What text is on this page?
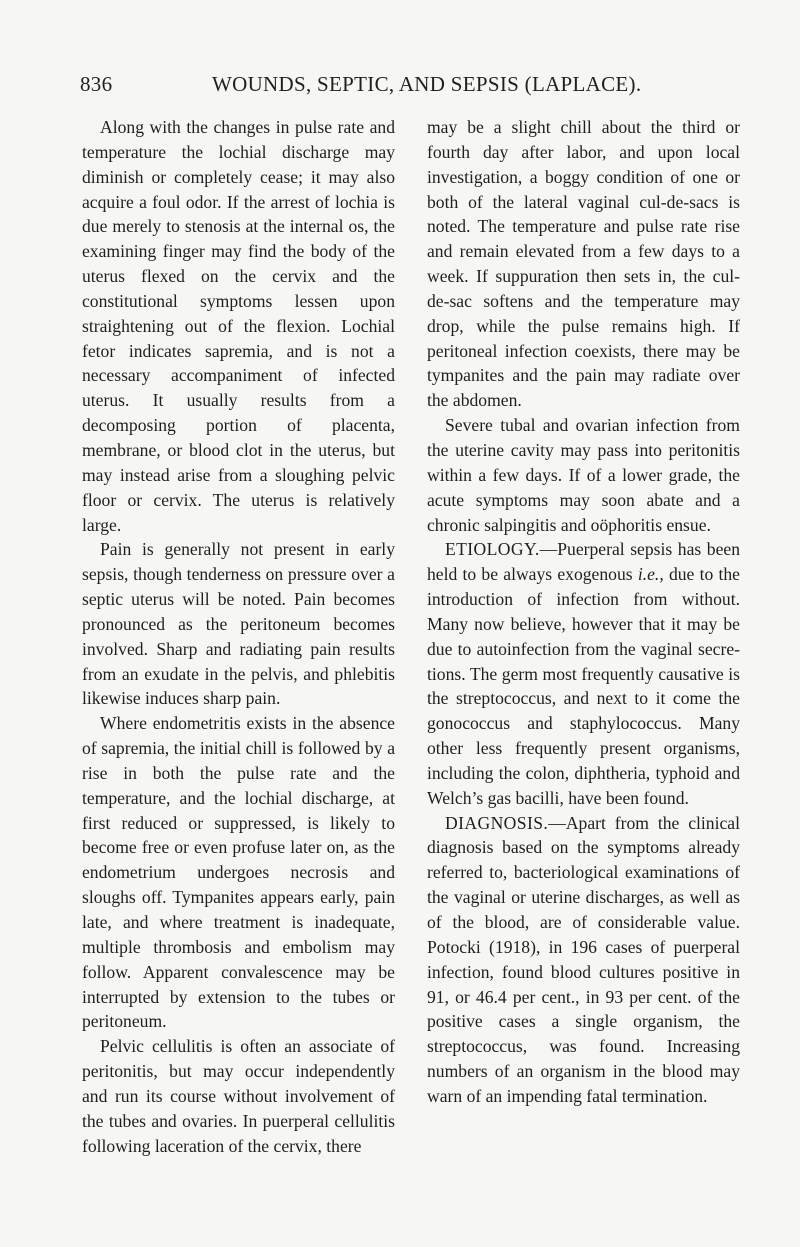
836	WOUNDS, SEPTIC, AND SEPSIS (LAPLACE).

Along with the changes in pulse rate and temperature the lochial discharge may diminish or completely cease; it may also acquire a foul odor. If the arrest of lochia is due merely to stenosis at the internal os, the examining finger may find the body of the uterus flexed on the cervix and the constitutional symptoms lessen upon straightening out of the flexion. Lochial fetor indicates sapremia, and is not a necessary accompaniment of infected uterus. It usually results from a decomposing portion of placenta, membrane, or blood clot in the uterus, but may instead arise from a sloughing pelvic floor or cervix. The uterus is relatively large.

Pain is generally not present in early sepsis, though tenderness on pressure over a septic uterus will be noted. Pain becomes pronounced as the peritoneum becomes involved. Sharp and radiating pain results from an exudate in the pelvis, and phlebitis likewise induces sharp pain.

Where endometritis exists in the absence of sapremia, the initial chill is followed by a rise in both the pulse rate and the temperature, and the lochial discharge, at first reduced or suppressed, is likely to become free or even profuse later on, as the endometrium undergoes necrosis and sloughs off. Tympanites appears early, pain late, and where treatment is inadequate, multiple thrombosis and embolism may follow. Apparent convalescence may be interrupted by extension to the tubes or peritoneum.

Pelvic cellulitis is often an associate of peritonitis, but may occur independently and run its course without involvement of the tubes and ovaries. In puerperal cellulitis following laceration of the cervix, there

may be a slight chill about the third or fourth day after labor, and upon local investigation, a boggy condition of one or both of the lateral vaginal cul-de-sacs is noted. The temperature and pulse rate rise and remain elevated from a few days to a week. If suppuration then sets in, the cul-de-sac softens and the temperature may drop, while the pulse remains high. If peritoneal infection coexists, there may be tympanites and the pain may radiate over the abdomen.

Severe tubal and ovarian infection from the uterine cavity may pass into peritonitis within a few days. If of a lower grade, the acute symptoms may soon abate and a chronic salpingitis and oöphoritis ensue.

ETIOLOGY.—Puerperal sepsis has been held to be always exogenous i.e., due to the introduction of infection from without. Many now believe, however that it may be due to autoinfection from the vaginal secretions. The germ most frequently causative is the streptococcus, and next to it come the gonococcus and staphylococcus. Many other less frequently present organisms, including the colon, diphtheria, typhoid and Welch’s gas bacilli, have been found.

DIAGNOSIS.—Apart from the clinical diagnosis based on the symptoms already referred to, bacteriological examinations of the vaginal or uterine discharges, as well as of the blood, are of considerable value. Potocki (1918), in 196 cases of puerperal infection, found blood cultures positive in 91, or 46.4 per cent., in 93 per cent. of the positive cases a single organism, the streptococcus, was found. Increasing numbers of an organism in the blood may warn of an impending fatal termination.
